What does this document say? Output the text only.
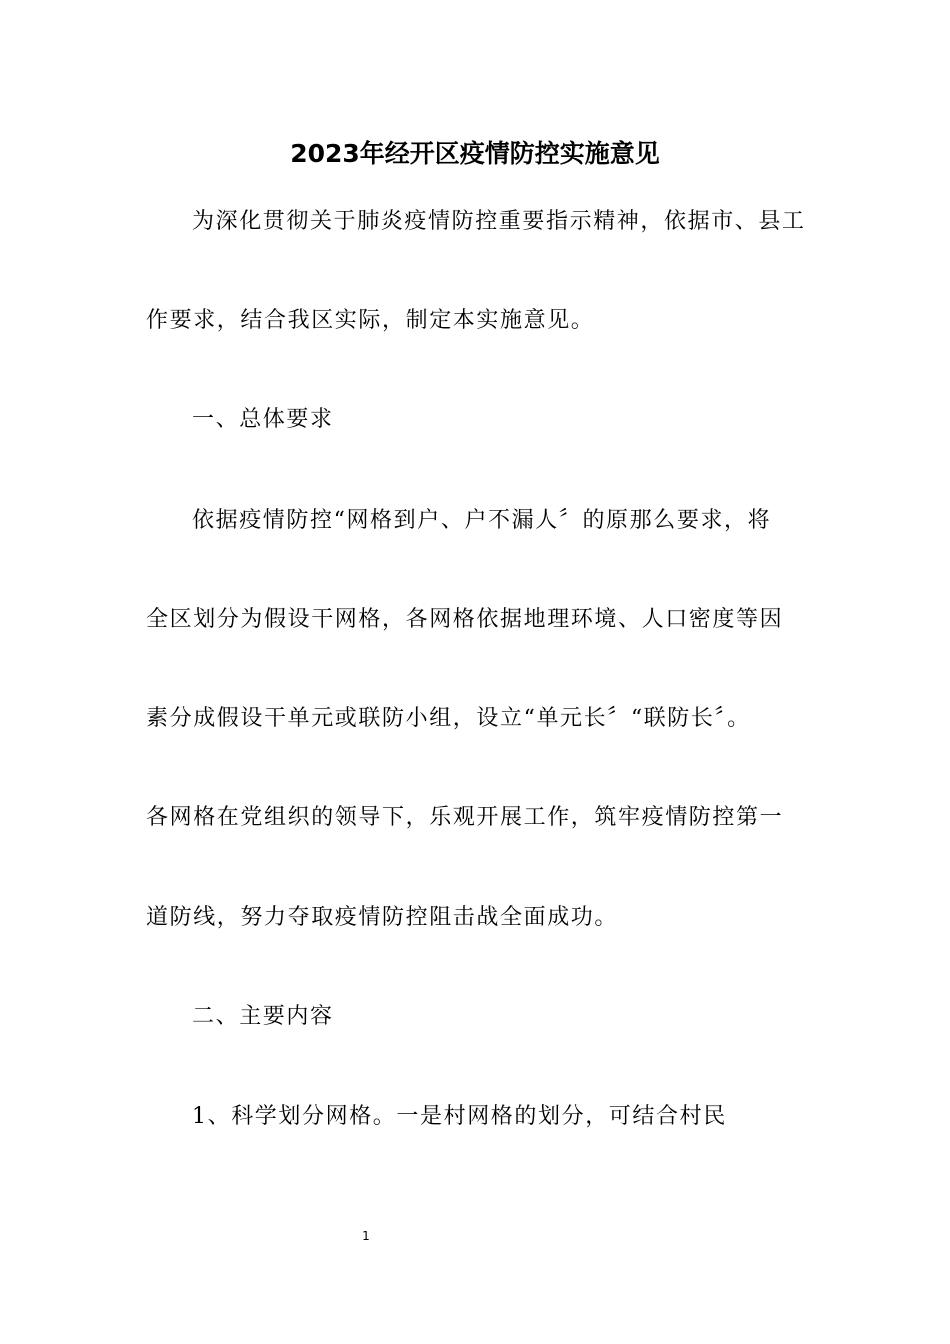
2023年经开区疫情防控实施意见
为深化贯彻关于肺炎疫情防控重要指示精神，依据市、县工
作要求，结合我区实际，制定本实施意见。
一、总体要求
依据疫情防控“网格到户、户不漏人〞的原那么要求，将
全区划分为假设干网格，各网格依据地理环境、人口密度等因
素分成假设干单元或联防小组，设立“单元长〞“联防长〞。
各网格在党组织的领导下，乐观开展工作，筑牢疫情防控第一
道防线，努力夺取疫情防控阻击战全面成功。
二、主要内容
1、科学划分网格。一是村网格的划分，可结合村民
1
